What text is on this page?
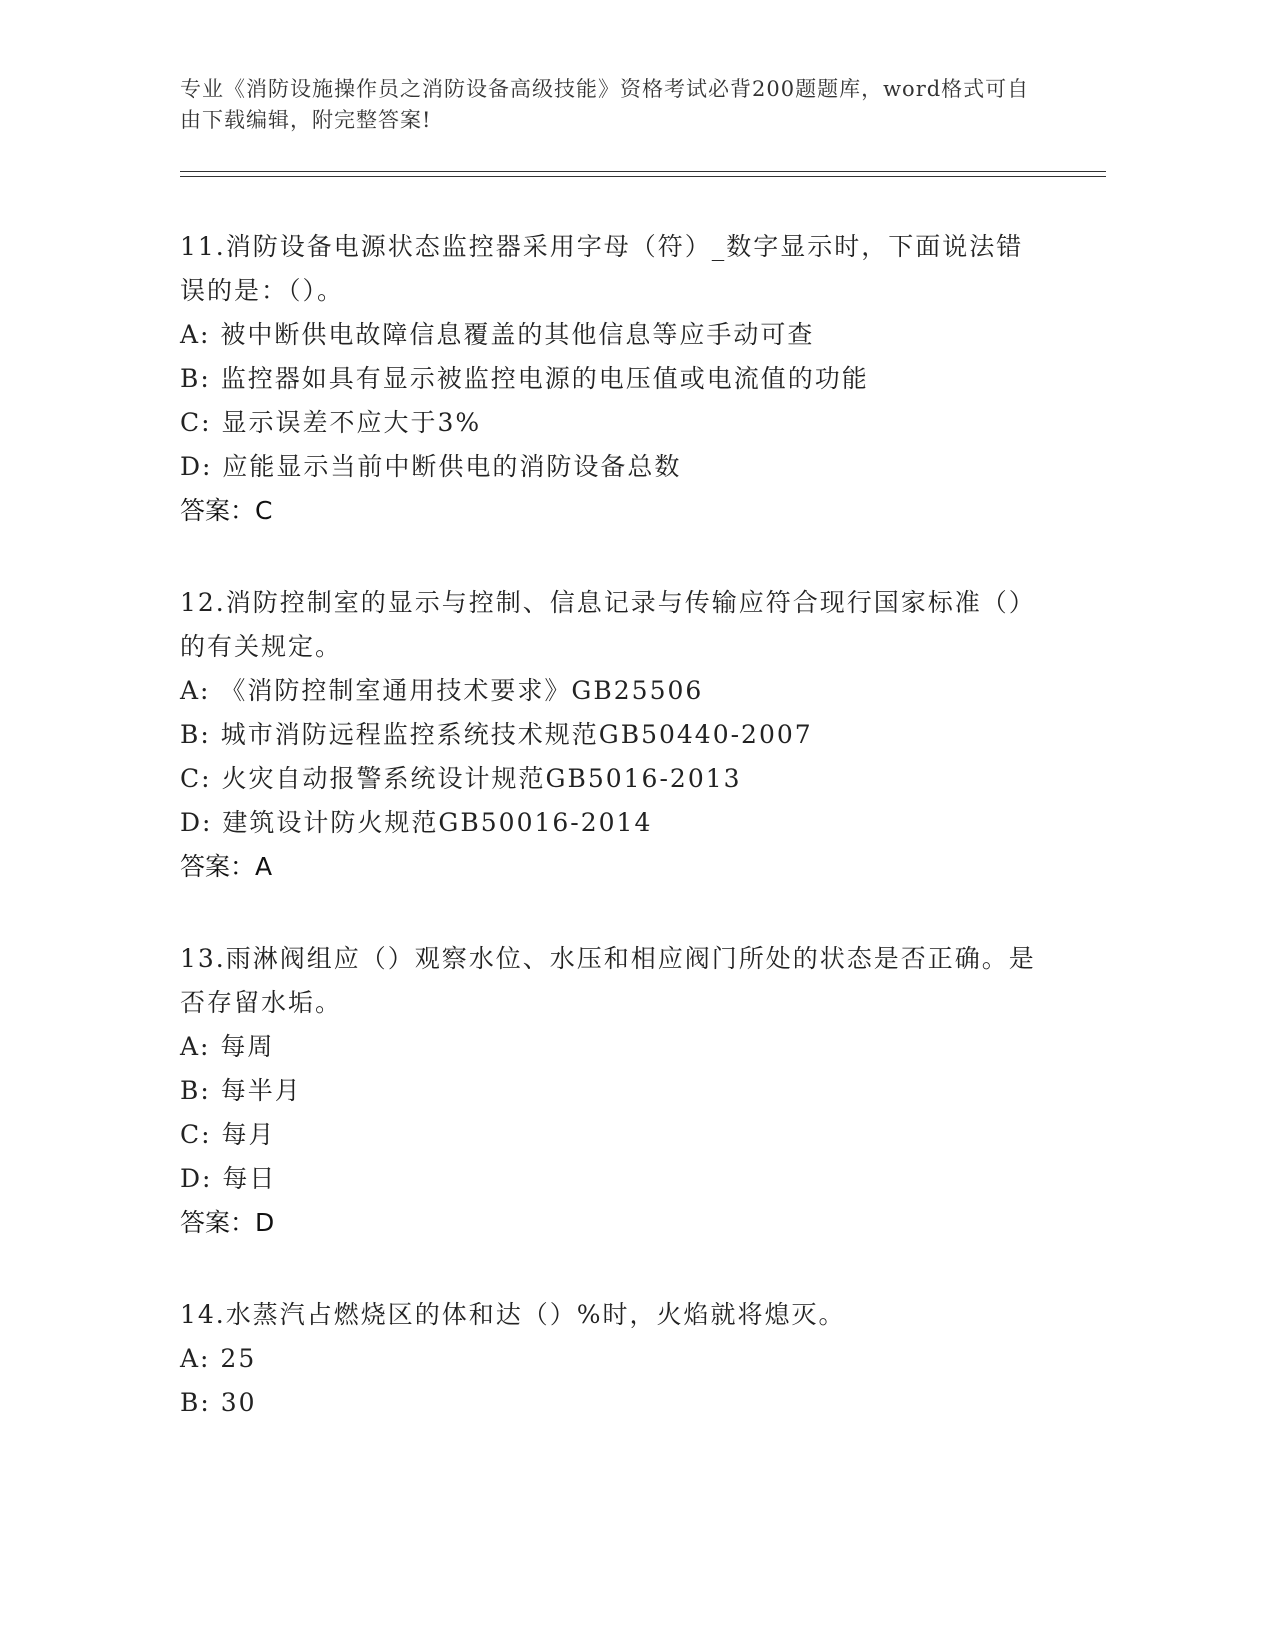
专业《消防设施操作员之消防设备高级技能》资格考试必背200题题库，word格式可自由下载编辑，附完整答案!

11.消防设备电源状态监控器采用字母（符）_数字显示时，下面说法错误的是：（）。

A: 被中断供电故障信息覆盖的其他信息等应手动可查

B: 监控器如具有显示被监控电源的电压值或电流值的功能

C: 显示误差不应大于3%

D: 应能显示当前中断供电的消防设备总数

答案：C

12.消防控制室的显示与控制、信息记录与传输应符合现行国家标准（）的有关规定。

A: 《消防控制室通用技术要求》GB25506

B: 城市消防远程监控系统技术规范GB50440-2007

C: 火灾自动报警系统设计规范GB5016-2013

D: 建筑设计防火规范GB50016-2014

答案：A

13.雨淋阀组应（）观察水位、水压和相应阀门所处的状态是否正确。是否存留水垢。

A: 每周

B: 每半月

C: 每月

D: 每日

答案：D

14.水蒸汽占燃烧区的体和达（）%时，火焰就将熄灭。

A: 25

B: 30
